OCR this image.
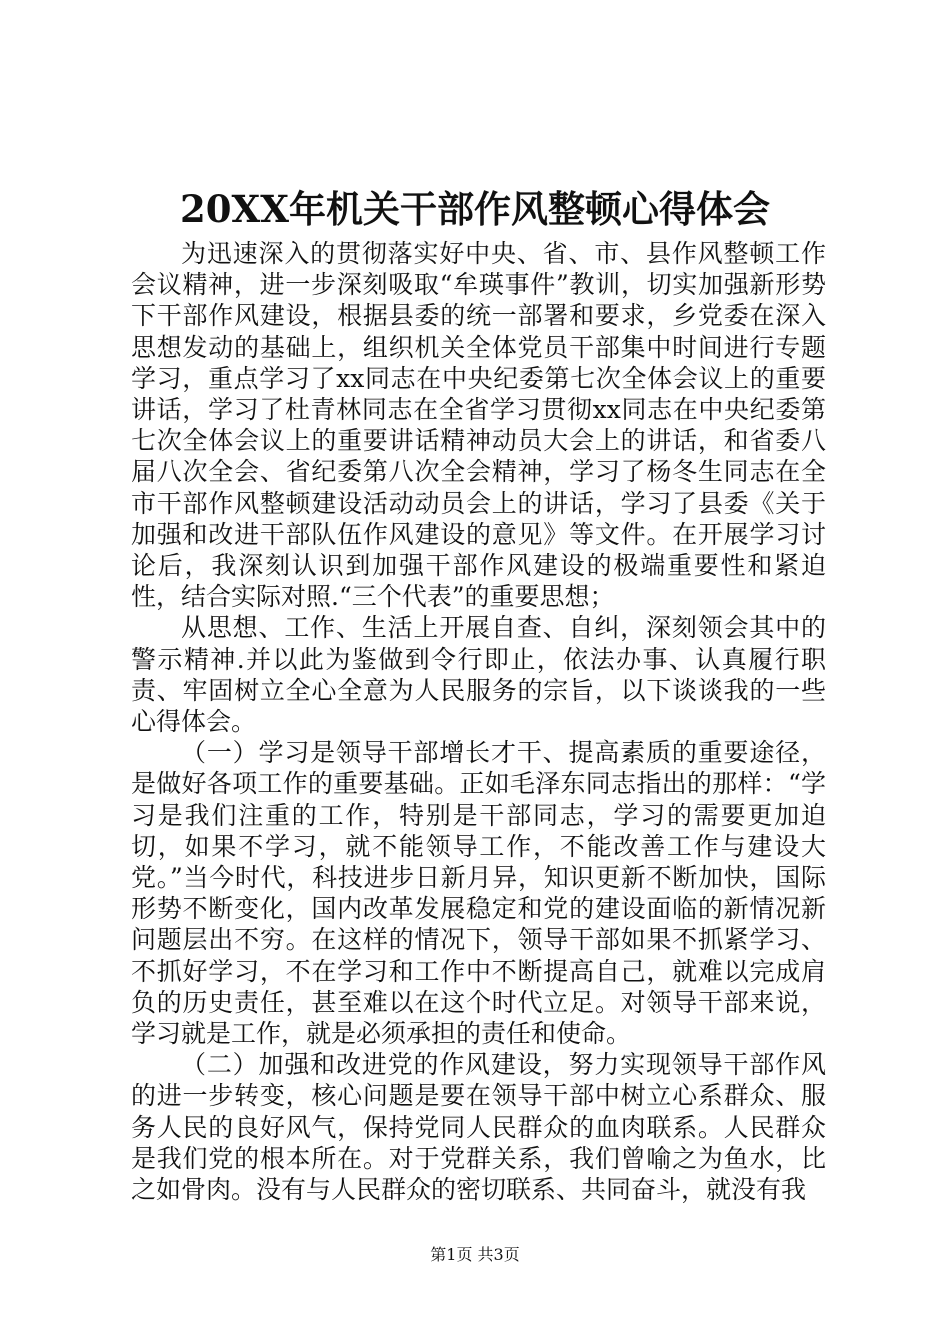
20XX年机关干部作风整顿心得体会

为迅速深入的贯彻落实好中央、省、市、县作风整顿工作会议精神，进一步深刻吸取“牟瑛事件”教训，切实加强新形势下干部作风建设，根据县委的统一部署和要求，乡党委在深入思想发动的基础上，组织机关全体党员干部集中时间进行专题学习，重点学习了xx同志在中央纪委第七次全体会议上的重要讲话，学习了杜青林同志在全省学习贯彻xx同志在中央纪委第七次全体会议上的重要讲话精神动员大会上的讲话，和省委八届八次全会、省纪委第八次全会精神，学习了杨冬生同志在全市干部作风整顿建设活动动员会上的讲话，学习了县委《关于加强和改进干部队伍作风建设的意见》等文件。在开展学习讨论后，我深刻认识到加强干部作风建设的极端重要性和紧迫性，结合实际对照.“三个代表”的重要思想；

从思想、工作、生活上开展自查、自纠，深刻领会其中的警示精神.并以此为鉴做到令行即止，依法办事、认真履行职责、牢固树立全心全意为人民服务的宗旨，以下谈谈我的一些心得体会。

（一）学习是领导干部增长才干、提高素质的重要途径，是做好各项工作的重要基础。正如毛泽东同志指出的那样：“学习是我们注重的工作，特别是干部同志，学习的需要更加迫切，如果不学习，就不能领导工作，不能改善工作与建设大党。”当今时代，科技进步日新月异，知识更新不断加快，国际形势不断变化，国内改革发展稳定和党的建设面临的新情况新问题层出不穷。在这样的情况下，领导干部如果不抓紧学习、不抓好学习，不在学习和工作中不断提高自己，就难以完成肩负的历史责任，甚至难以在这个时代立足。对领导干部来说，学习就是工作，就是必须承担的责任和使命。

（二）加强和改进党的作风建设，努力实现领导干部作风的进一步转变，核心问题是要在领导干部中树立心系群众、服务人民的良好风气，保持党同人民群众的血肉联系。人民群众是我们党的根本所在。对于党群关系，我们曾喻之为鱼水，比之如骨肉。没有与人民群众的密切联系、共同奋斗，就没有我

第1页 共3页
